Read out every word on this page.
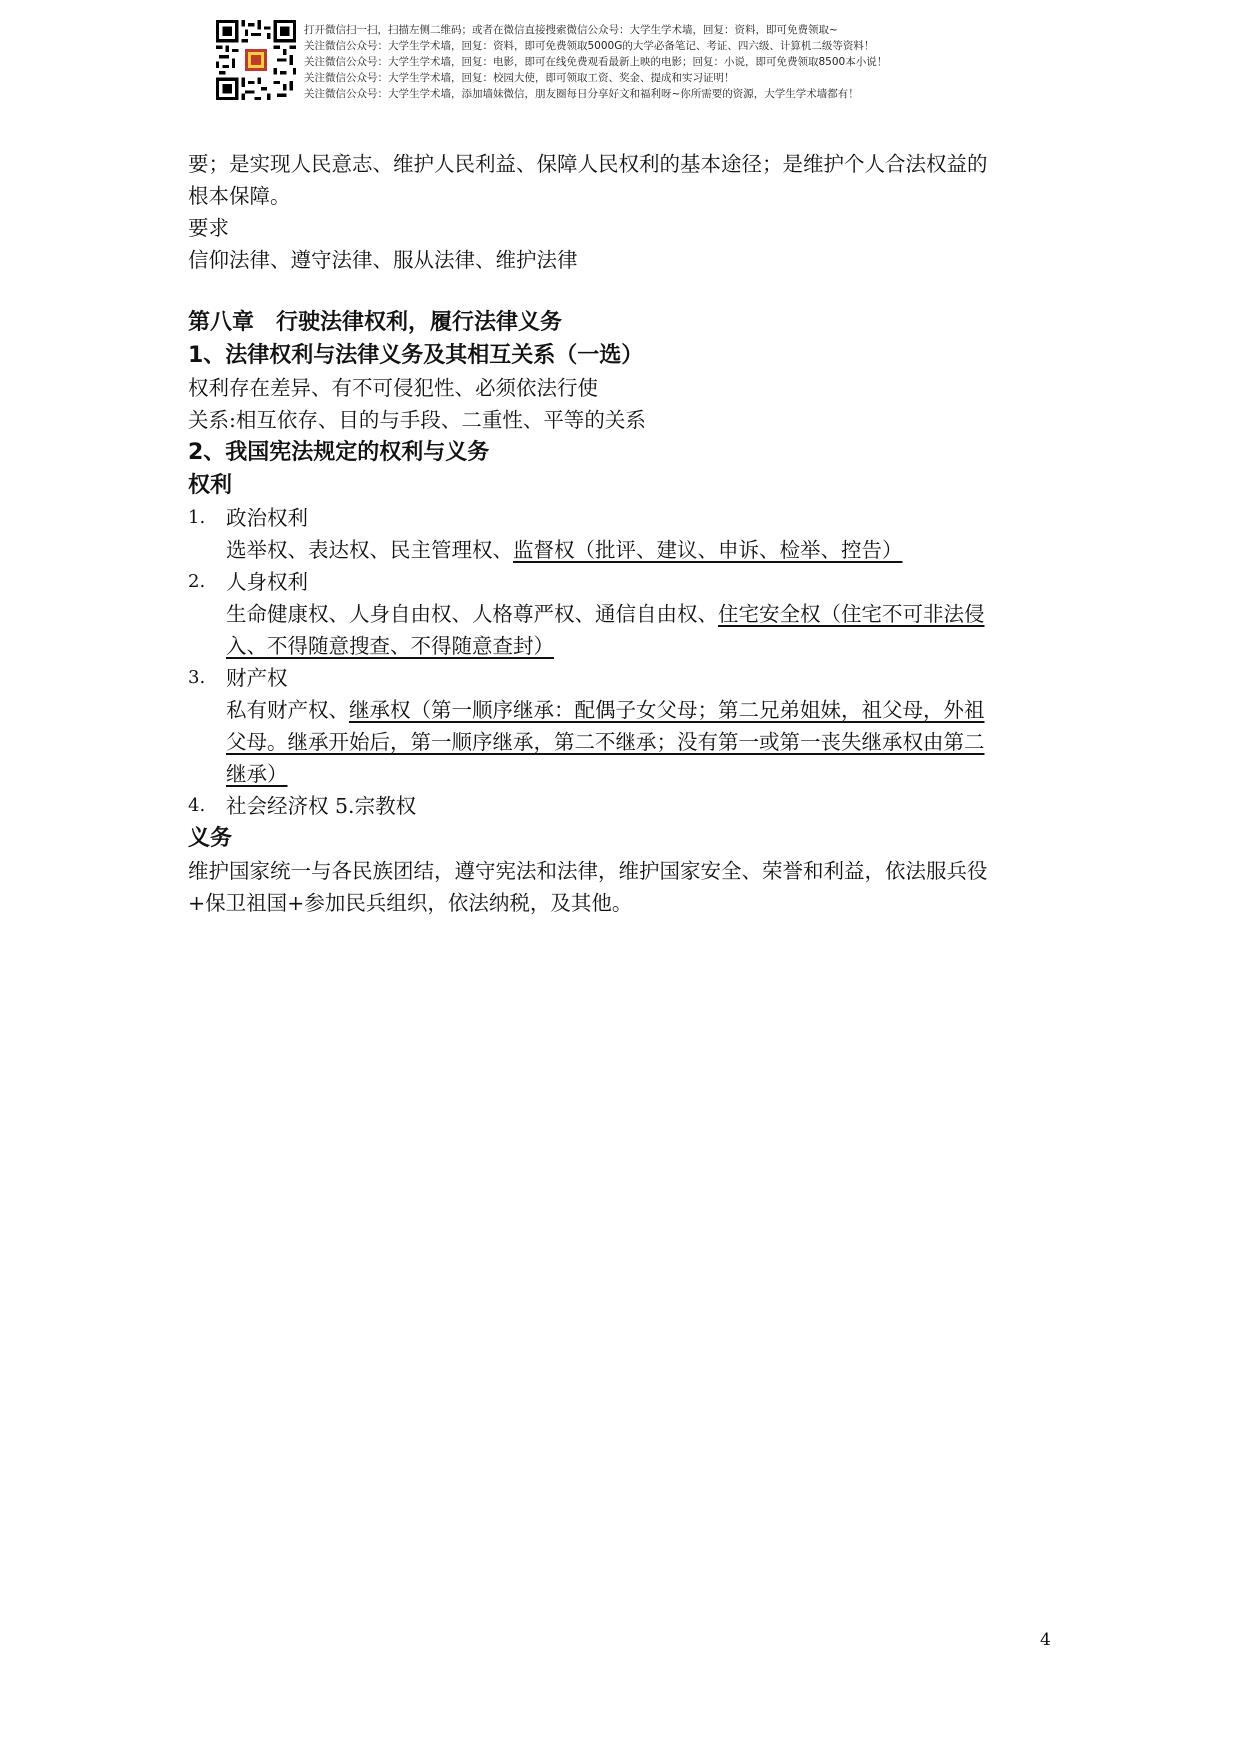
打开微信扫一扫，扫描左侧二维码；或者在微信直接搜索微信公众号：大学生学术墙，回复：资料，即可免费领取~
关注微信公众号：大学生学术墙，回复：资料，即可免费领取5000G的大学必备笔记、考证、四六级、计算机二级等资料！
关注微信公众号：大学生学术墙，回复：电影，即可在线免费观看最新上映的电影；回复：小说，即可免费领取8500本小说！
关注微信公众号：大学生学术墙，回复：校园大使，即可领取工资、奖金、提成和实习证明！
关注微信公众号：大学生学术墙，添加墙妹微信，朋友圈每日分享好文和福利呀~你所需要的资源，大学生学术墙都有！

要；是实现人民意志、维护人民利益、保障人民权利的基本途径；是维护个人合法权益的

根本保障。

要求

信仰法律、遵守法律、服从法律、维护法律

第八章　行驶法律权利，履行法律义务

1、法律权利与法律义务及其相互关系（一选）

权利存在差异、有不可侵犯性、必须依法行使

关系:相互依存、目的与手段、二重性、平等的关系

2、我国宪法规定的权利与义务

权利

1.	政治权利
选举权、表达权、民主管理权、监督权（批评、建议、申诉、检举、控告）
2.	人身权利
生命健康权、人身自由权、人格尊严权、通信自由权、住宅安全权（住宅不可非法侵
入、不得随意搜查、不得随意查封）
3.	财产权
私有财产权、继承权（第一顺序继承：配偶子女父母；第二兄弟姐妹，祖父母，外祖
父母。继承开始后，第一顺序继承，第二不继承；没有第一或第一丧失继承权由第二
继承）
4.	社会经济权 5.宗教权

义务

维护国家统一与各民族团结，遵守宪法和法律，维护国家安全、荣誉和利益，依法服兵役

+保卫祖国+参加民兵组织，依法纳税，及其他。

4
